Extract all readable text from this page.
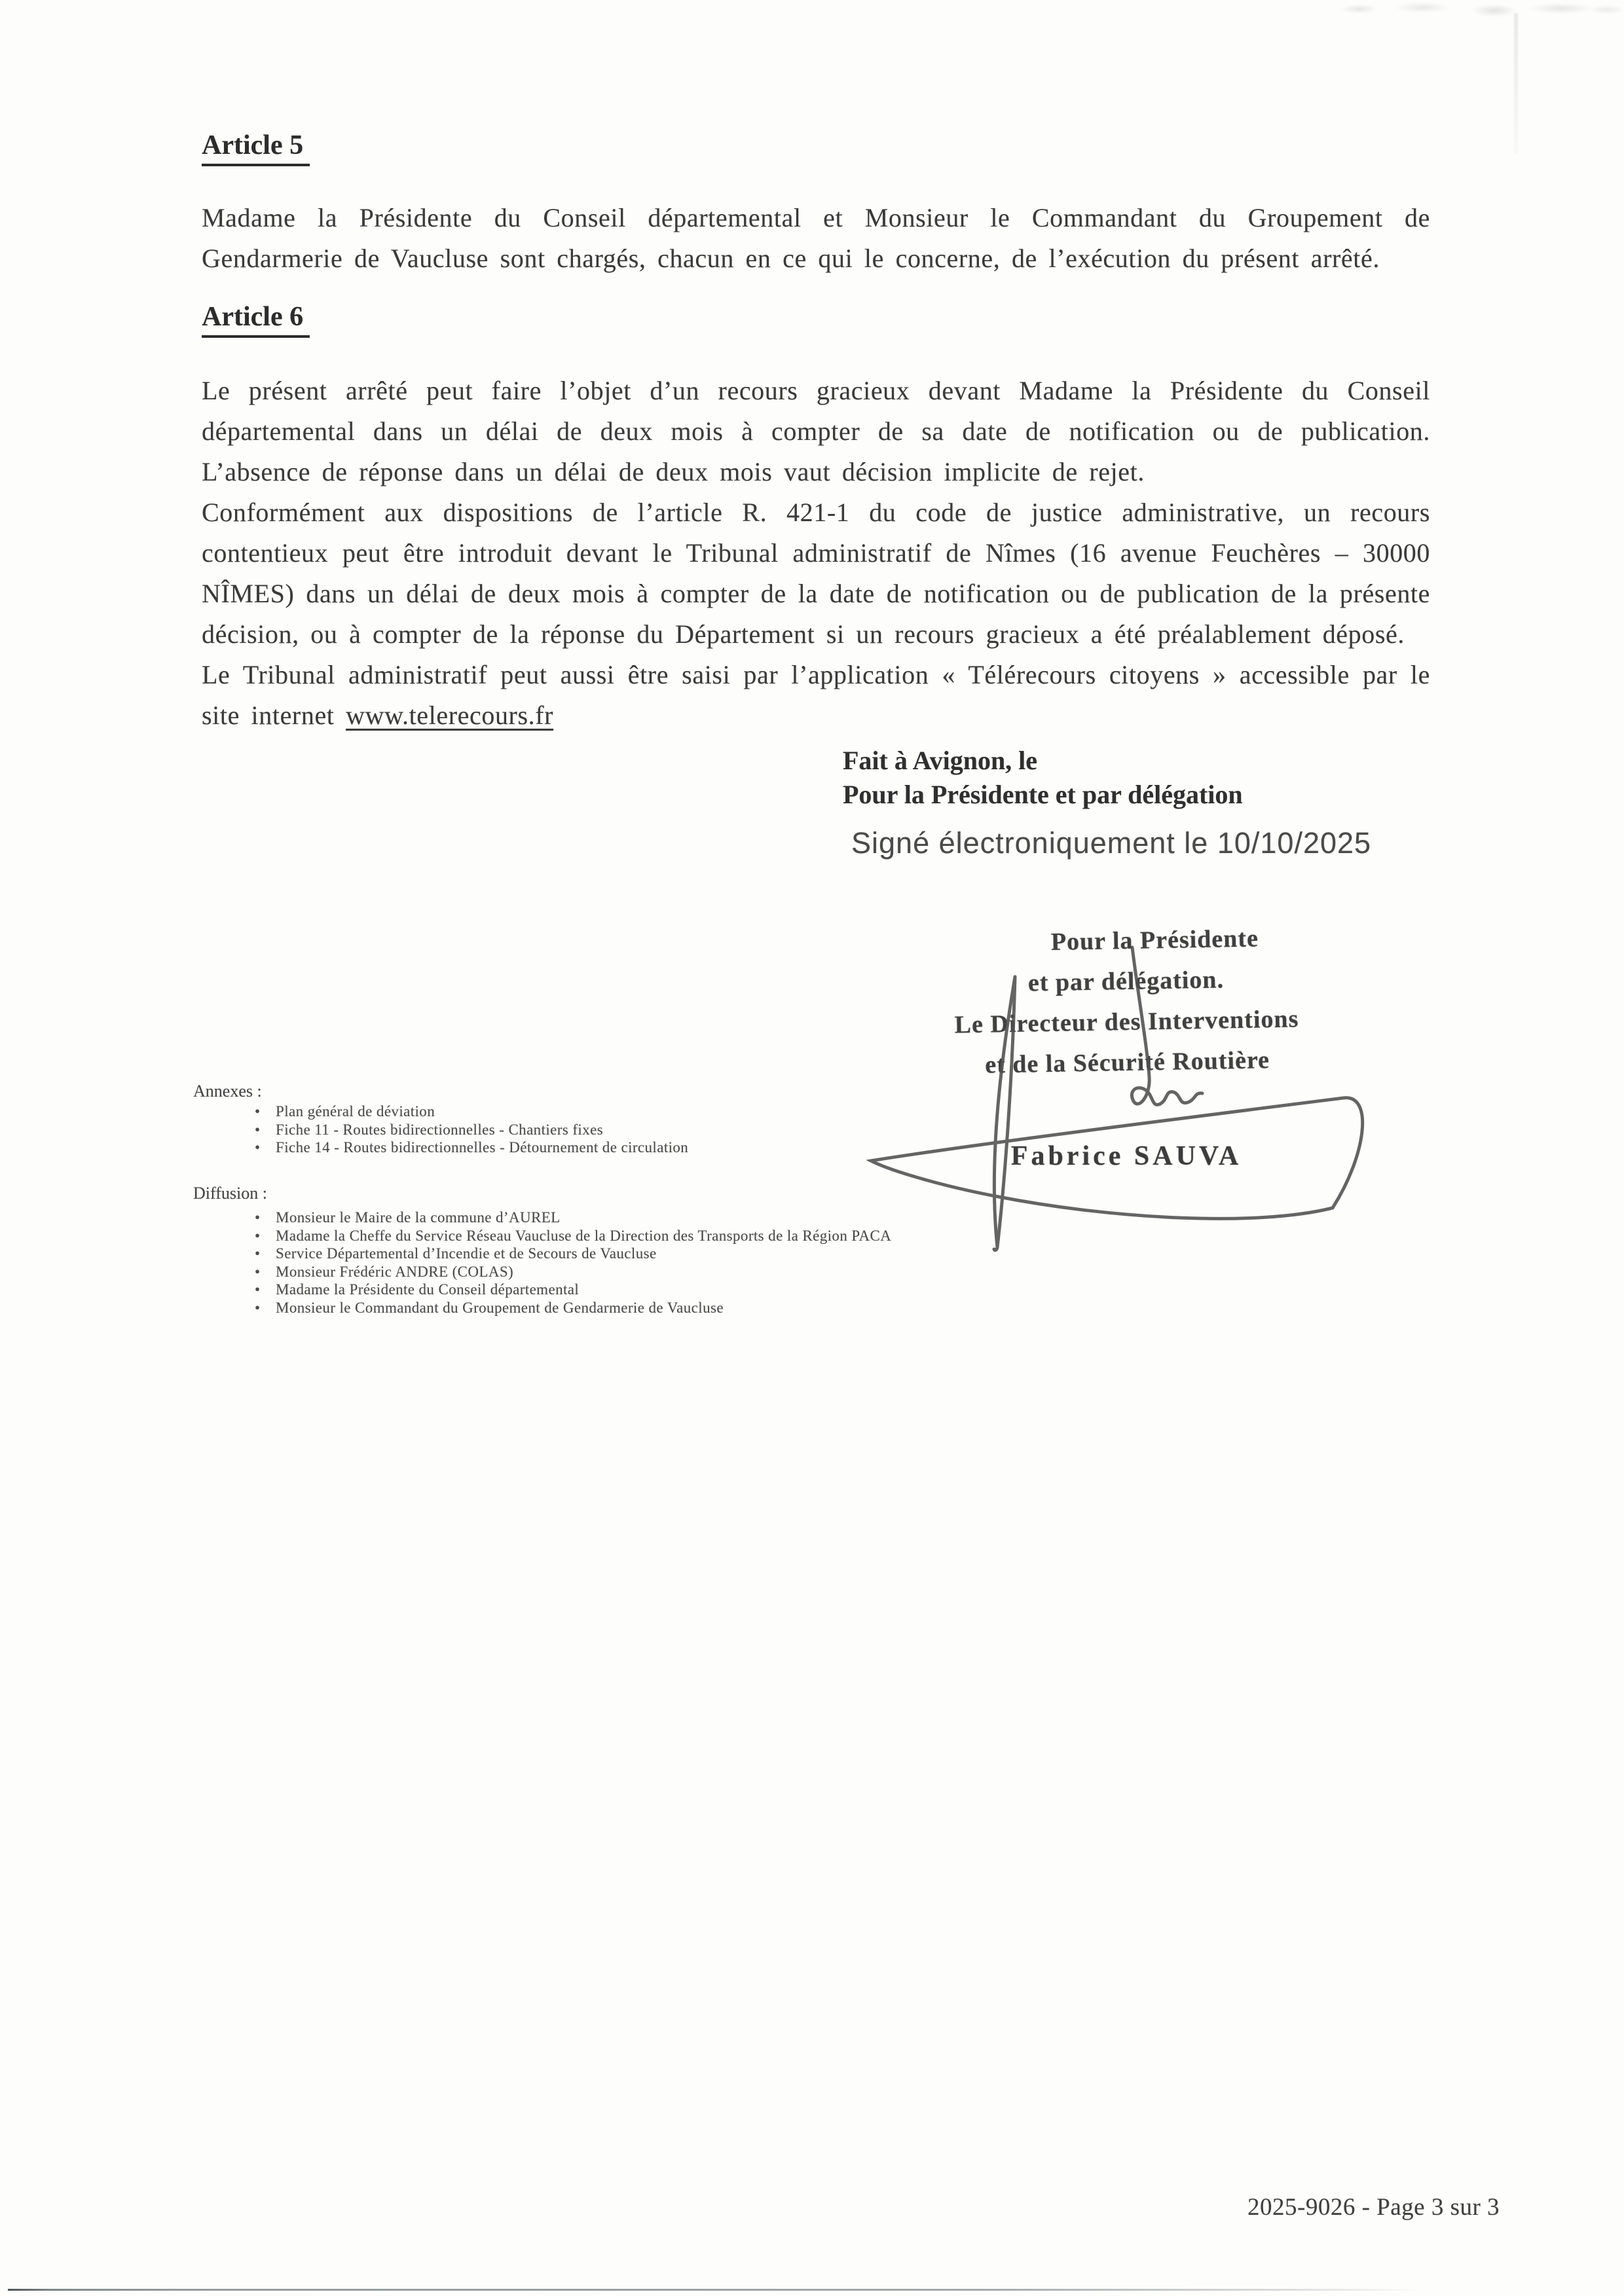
Article 5

Madame la Présidente du Conseil départemental et Monsieur le Commandant du Groupement de Gendarmerie de Vaucluse sont chargés, chacun en ce qui le concerne, de l’exécution du présent arrêté.

Article 6

Le présent arrêté peut faire l’objet d’un recours gracieux devant Madame la Présidente du Conseil départemental dans un délai de deux mois à compter de sa date de notification ou de publication. L’absence de réponse dans un délai de deux mois vaut décision implicite de rejet.

Conformément aux dispositions de l’article R. 421-1 du code de justice administrative, un recours contentieux peut être introduit devant le Tribunal administratif de Nîmes (16 avenue Feuchères – 30000 NÎMES) dans un délai de deux mois à compter de la date de notification ou de publication de la présente décision, ou à compter de la réponse du Département si un recours gracieux a été préalablement déposé.

Le Tribunal administratif peut aussi être saisi par l’application « Télérecours citoyens » accessible par le site internet www.telerecours.fr

Fait à Avignon, le
Pour la Présidente et par délégation
Signé électroniquement le 10/10/2025
Pour la Présidente
et par délégation.
Le Directeur des Interventions
et de la Sécurité Routière
Fabrice SAUVA
Annexes :
• Plan général de déviation
• Fiche 11 - Routes bidirectionnelles - Chantiers fixes
• Fiche 14 - Routes bidirectionnelles - Détournement de circulation
Diffusion :
• Monsieur le Maire de la commune d’AUREL
• Madame la Cheffe du Service Réseau Vaucluse de la Direction des Transports de la Région PACA
• Service Départemental d’Incendie et de Secours de Vaucluse
• Monsieur Frédéric ANDRE (COLAS)
• Madame la Présidente du Conseil départemental
• Monsieur le Commandant du Groupement de Gendarmerie de Vaucluse
2025-9026 - Page 3 sur 3
